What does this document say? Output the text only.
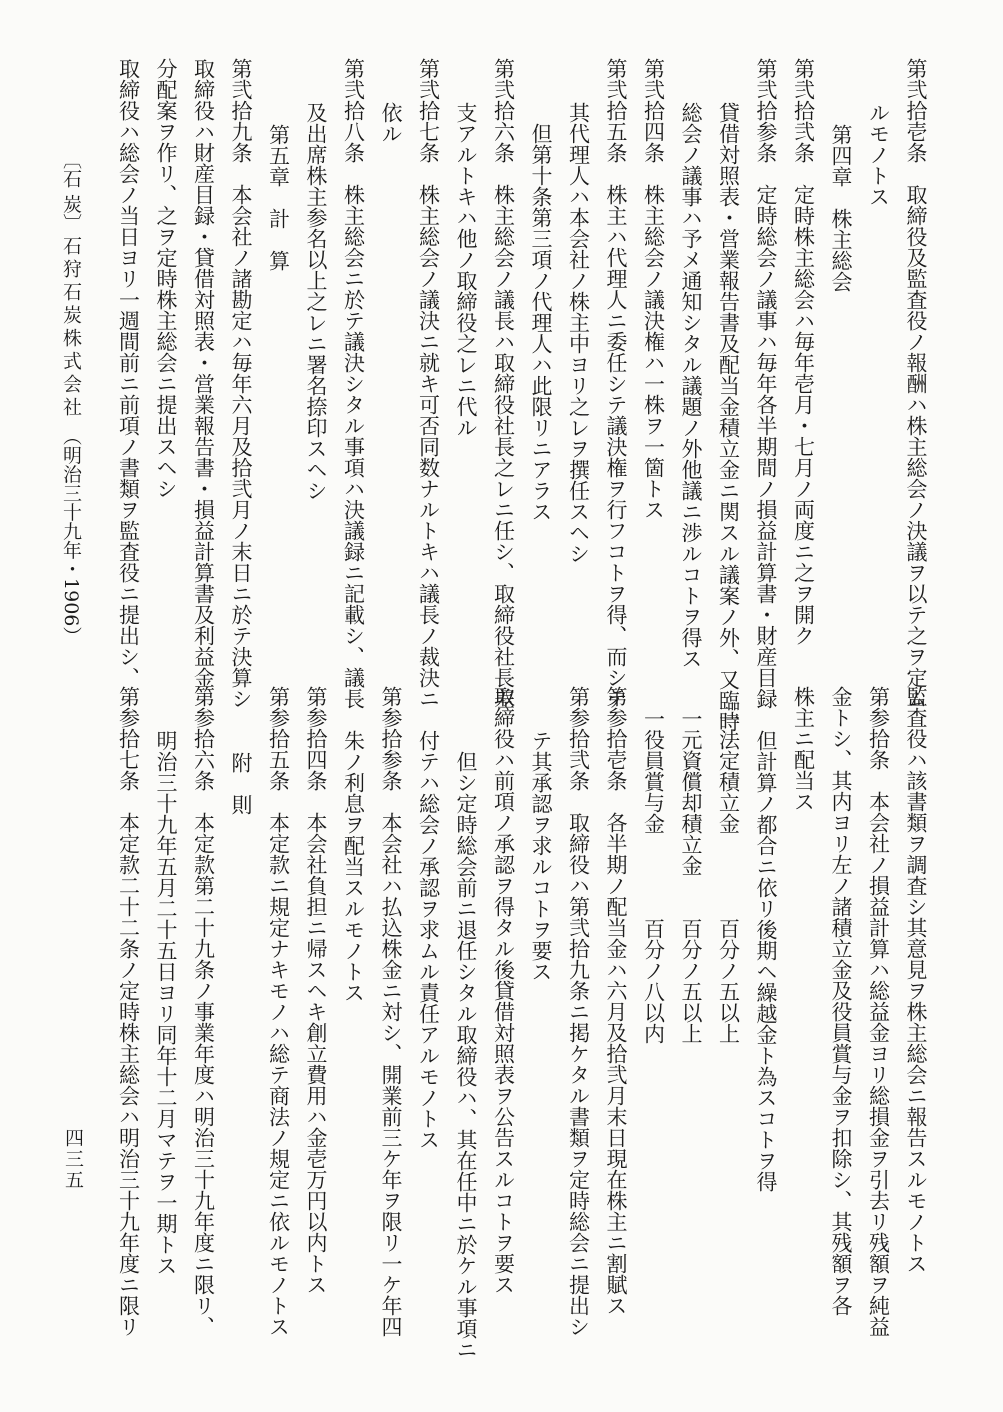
第弐拾壱条　取締役及監査役ノ報酬ハ株主総会ノ決議ヲ以テ之ヲ定ム
ルモノトス
第四章　株主総会
第弐拾弐条　定時株主総会ハ毎年壱月・七月ノ両度ニ之ヲ開ク
第弐拾参条　定時総会ノ議事ハ毎年各半期間ノ損益計算書・財産目録
貸借対照表・営業報告書及配当金積立金ニ関スル議案ノ外、又臨時
総会ノ議事ハ予メ通知シタル議題ノ外他議ニ渉ルコトヲ得ス
第弐拾四条　株主総会ノ議決権ハ一株ヲ一箇トス
第弐拾五条　株主ハ代理人ニ委任シテ議決権ヲ行フコトヲ得、而シテ
其代理人ハ本会社ノ株主中ヨリ之レヲ撰任スヘシ
　但第十条第三項ノ代理人ハ此限リニアラス
第弐拾六条　株主総会ノ議長ハ取締役社長之レニ任シ、取締役社長差
支アルトキハ他ノ取締役之レニ代ル
第弐拾七条　株主総会ノ議決ニ就キ可否同数ナルトキハ議長ノ裁決ニ
依ル
第弐拾八条　株主総会ニ於テ議決シタル事項ハ決議録ニ記載シ、議長
及出席株主参名以上之レニ署名捺印スヘシ
第五章　計　算
第弐拾九条　本会社ノ諸勘定ハ毎年六月及拾弐月ノ末日ニ於テ決算シ
取締役ハ財産目録・貸借対照表・営業報告書・損益計算書及利益金
分配案ヲ作リ、之ヲ定時株主総会ニ提出スヘシ
取締役ハ総会ノ当日ヨリ一週間前ニ前項ノ書類ヲ監査役ニ提出シ、
監査役ハ該書類ヲ調査シ其意見ヲ株主総会ニ報告スルモノトス
第参拾条　本会社ノ損益計算ハ総益金ヨリ総損金ヲ引去リ残額ヲ純益
金トシ、其内ヨリ左ノ諸積立金及役員賞与金ヲ扣除シ、其残額ヲ各
株主ニ配当ス
但計算ノ都合ニ依リ後期ヘ繰越金ト為スコトヲ得
一法定積立金　　　　百分ノ五以上
一元資償却積立金　　百分ノ五以上
一役員賞与金　　　　百分ノ八以内
第参拾壱条　各半期ノ配当金ハ六月及拾弐月末日現在株主ニ割賦ス
第参拾弐条　取締役ハ第弐拾九条ニ掲ケタル書類ヲ定時総会ニ提出シ
テ其承認ヲ求ルコトヲ要ス
取締役ハ前項ノ承認ヲ得タル後貸借対照表ヲ公告スルコトヲ要ス
　但シ定時総会前ニ退任シタル取締役ハ、其在任中ニ於ケル事項ニ
付テハ総会ノ承認ヲ求ムル責任アルモノトス
第参拾参条　本会社ハ払込株金ニ対シ、開業前三ケ年ヲ限リ一ケ年四
朱ノ利息ヲ配当スルモノトス
第参拾四条　本会社負担ニ帰スヘキ創立費用ハ金壱万円以内トス
第参拾五条　本定款ニ規定ナキモノハ総テ商法ノ規定ニ依ルモノトス
附　則
第参拾六条　本定款第二十九条ノ事業年度ハ明治三十九年度ニ限リ、
明治三十九年五月二十五日ヨリ同年十二月マテヲ一期トス
第参拾七条　本定款二十二条ノ定時株主総会ハ明治三十九年度ニ限リ
〔石 炭〕
石狩石炭株式会社 （明治三十九年・1906）
四三五
